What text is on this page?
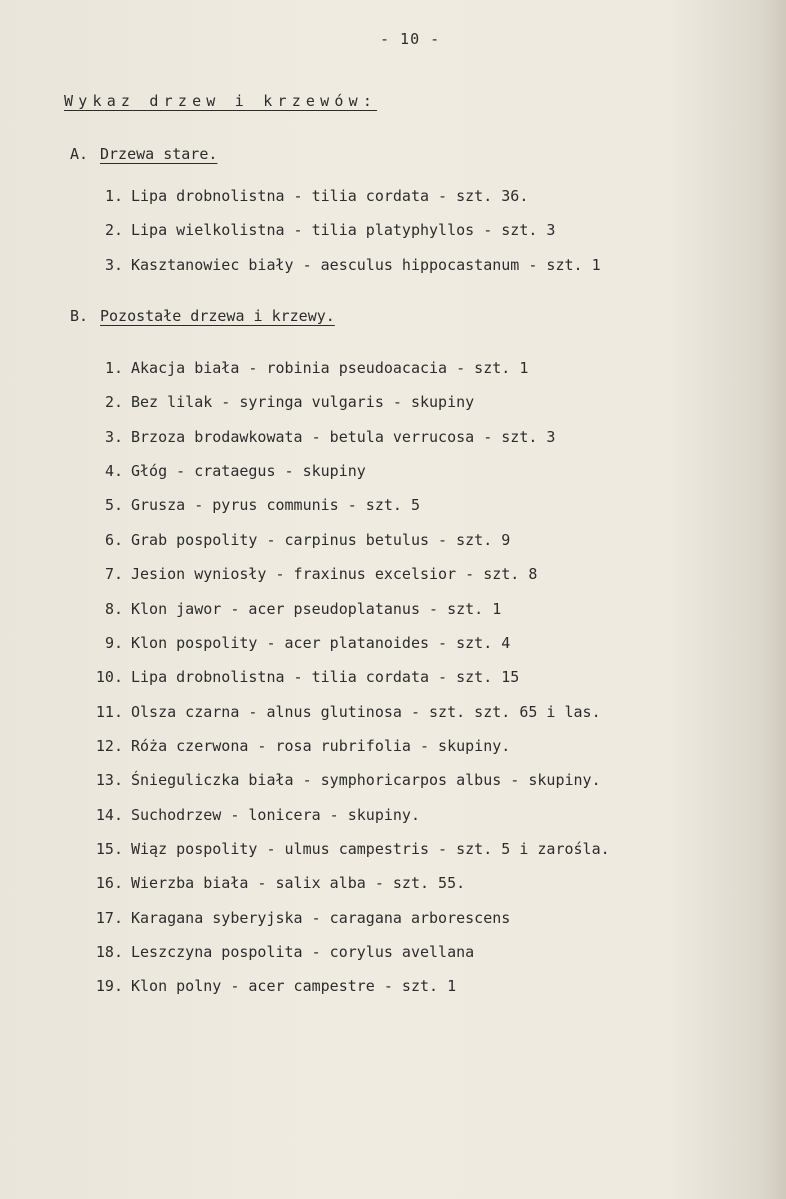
- 10 -
Wykaz drzew i krzewów:
A. Drzewa stare.
1. Lipa drobnolistna - tilia cordata - szt. 36.
2. Lipa wielkolistna - tilia platyphyllos - szt. 3
3. Kasztanowiec biały - aesculus hippocastanum - szt. 1
B. Pozostałe drzewa i krzewy.
1. Akacja biała - robinia pseudoacacia - szt. 1
2. Bez lilak - syringa vulgaris - skupiny
3. Brzoza brodawkowata - betula verrucosa - szt. 3
4. Głóg - crataegus - skupiny
5. Grusza - pyrus communis - szt. 5
6. Grab pospolity - carpinus betulus - szt. 9
7. Jesion wyniosły - fraxinus excelsior - szt. 8
8. Klon jawor - acer pseudoplatanus - szt. 1
9. Klon pospolity - acer platanoides - szt. 4
10. Lipa drobnolistna - tilia cordata - szt. 15
11. Olsza czarna - alnus glutinosa - szt. szt. 65 i las.
12. Róża czerwona - rosa rubrifolia - skupiny.
13. Śnieguliczka biała - symphoricarpos albus - skupiny.
14. Suchodrzew - lonicera - skupiny.
15. Wiąz pospolity - ulmus campestris - szt. 5 i zarośla.
16. Wierzba biała - salix alba - szt. 55.
17. Karagana syberyjska - caragana arborescens
18. Leszczyna pospolita - corylus avellana
19. Klon polny - acer campestre - szt. 1
